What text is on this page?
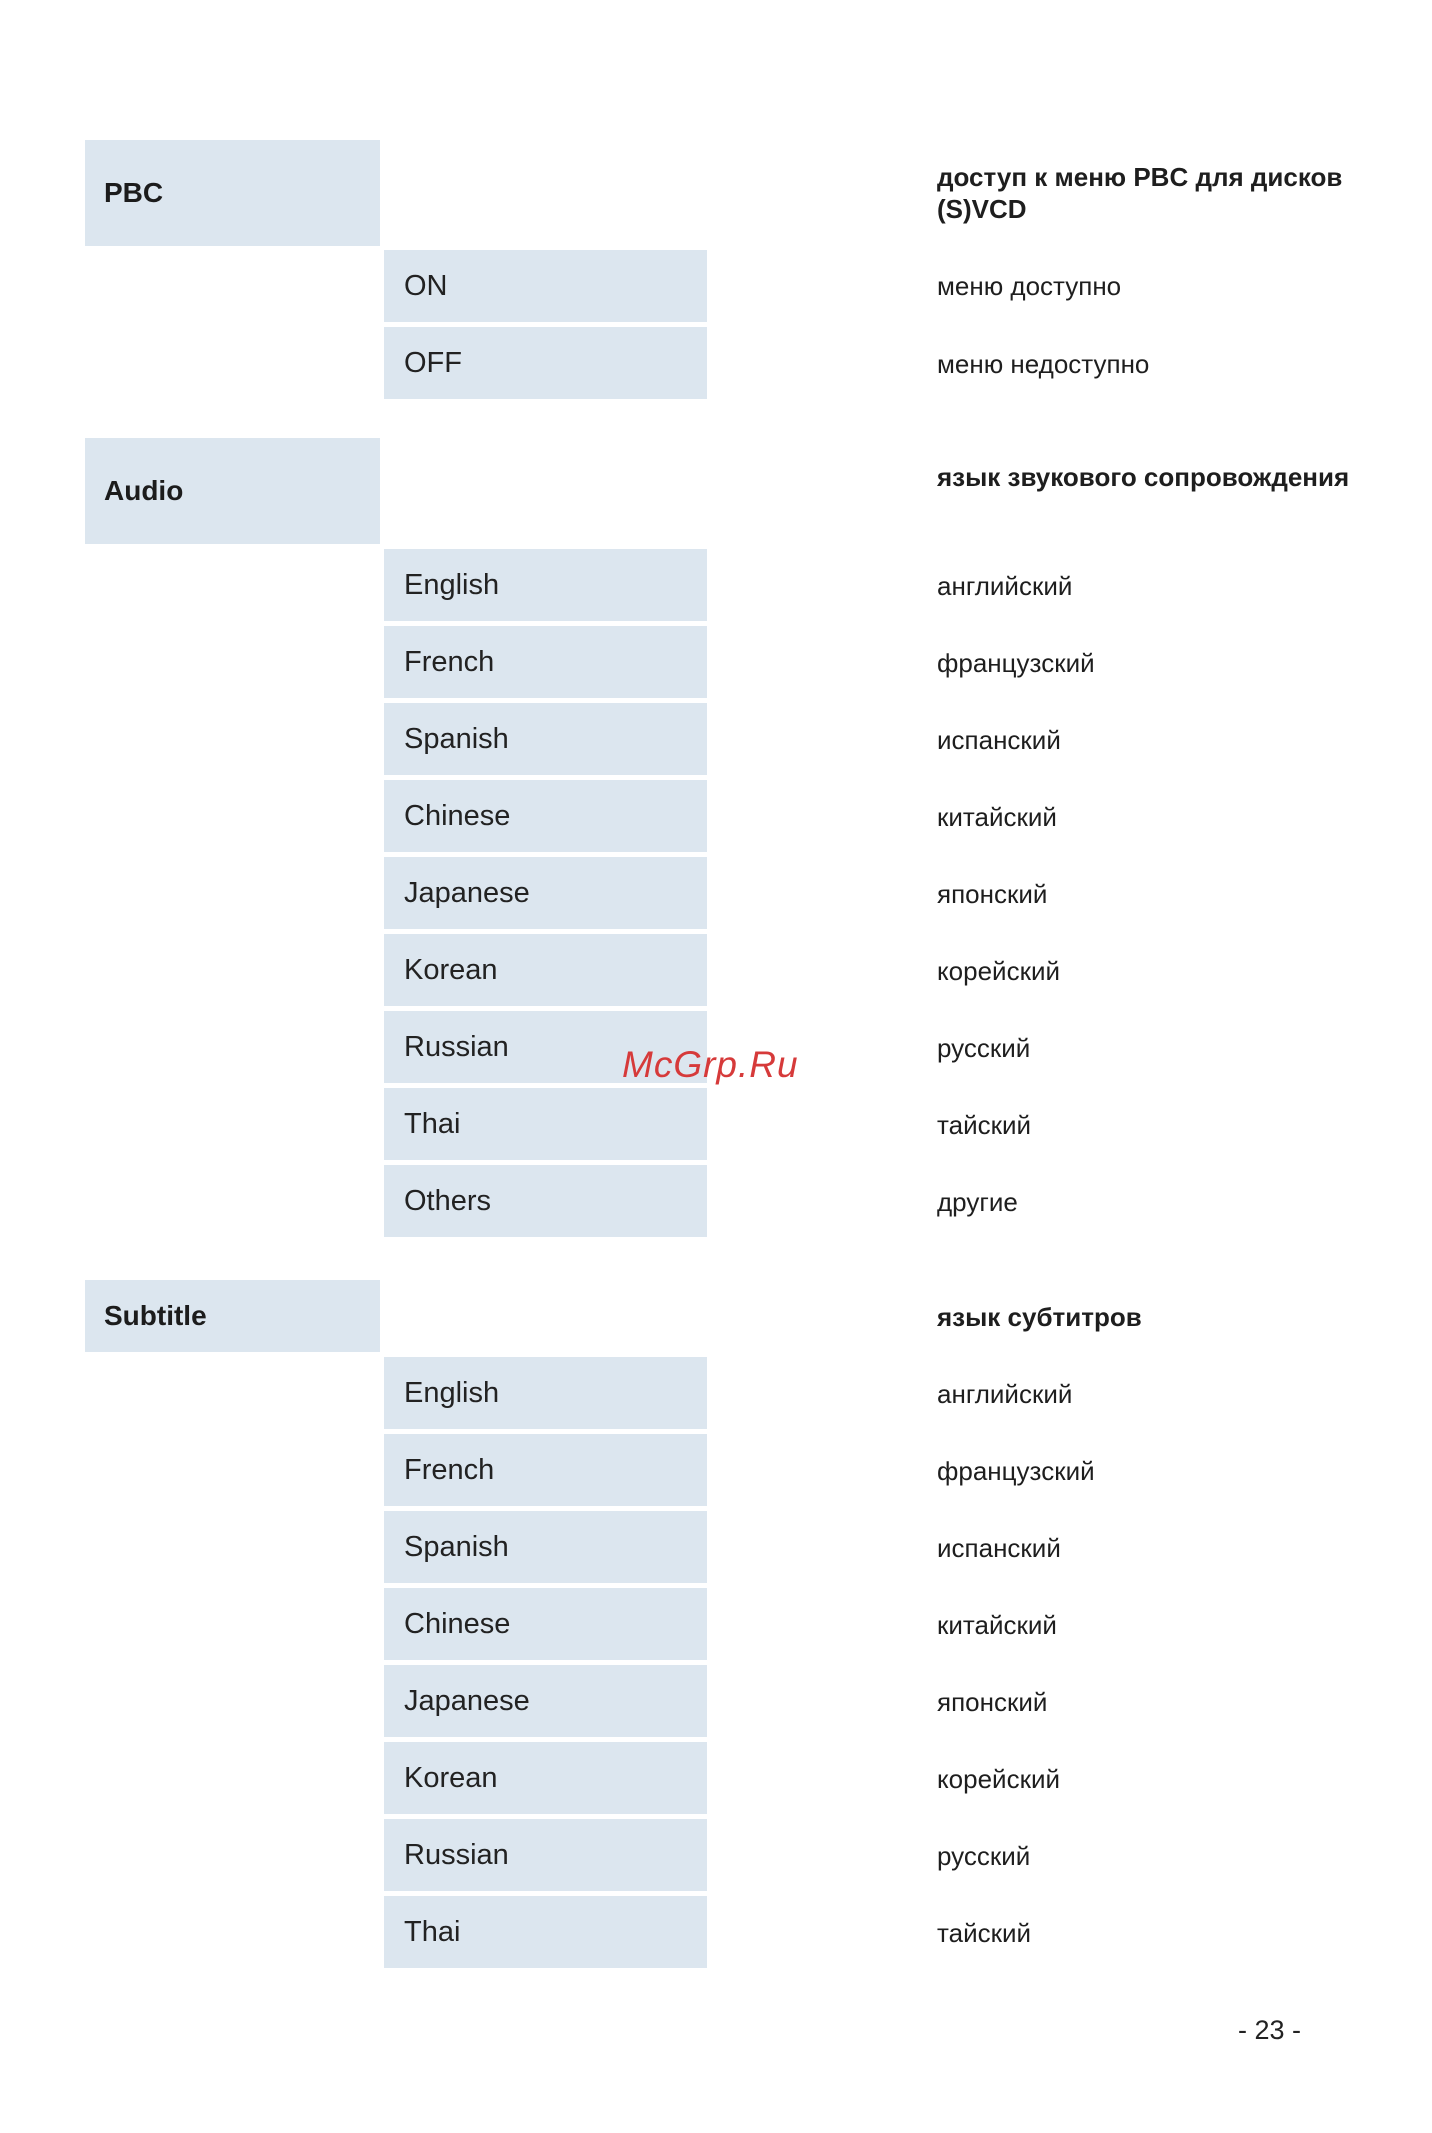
PBC	доступ к меню PBC для дисков (S)VCD
ON	меню доступно
OFF	меню недоступно
Audio	язык звукового сопровождения
English	английский
French	французский
Spanish	испанский
Chinese	китайский
Japanese	японский
Korean	корейский
Russian	русский
Thai	тайский
Others	другие
Subtitle	язык субтитров
English	английский
French	французский
Spanish	испанский
Chinese	китайский
Japanese	японский
Korean	корейский
Russian	русский
Thai	тайский
McGrp.Ru
- 23 -
